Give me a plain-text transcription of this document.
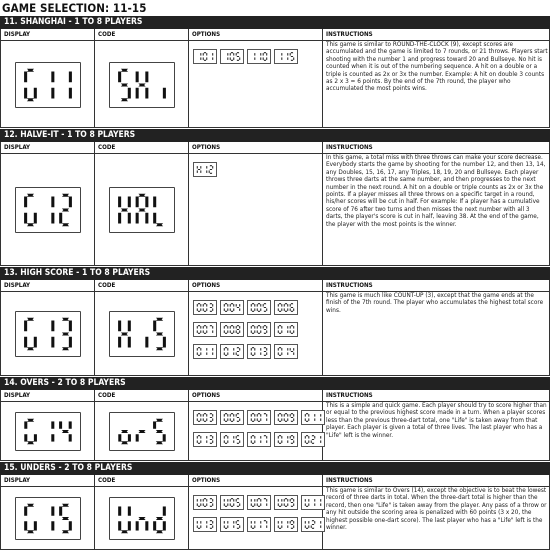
GAME SELECTION: 11-15
11. SHANGHAI - 1 TO 8 PLAYERS
DISPLAY	CODE	OPTIONS	INSTRUCTIONS
This game is similar to ROUND-THE-CLOCK (9), except scores are accumulated and the game is limited to 7 rounds, or 21 throws. Players start shooting with the number 1 and progress toward 20 and Bullseye. No hit is counted when it is out of the numbering sequence. A hit on a double or a triple is counted as 2x or 3x the number. Example: A hit on double 3 counts as 2 x 3 = 6 points. By the end of the 7th round, the player who accumulated the most points wins.
12. HALVE-IT - 1 TO 8 PLAYERS
DISPLAY	CODE	OPTIONS	INSTRUCTIONS
In this game, a total miss with three throws can make your score decrease. Everybody starts the game by shooting for the number 12, and then 13, 14, any Doubles, 15, 16, 17, any Triples, 18, 19, 20 and Bullseye. Each player throws three darts at the same number, and then progresses to the next number in the next round. A hit on a double or triple counts as 2x or 3x the points. If a player misses all three throws on a specific target in a round, his/her scores will be cut in half. For example: If a player has a cumulative score of 76 after two turns and then misses the next number with all 3 darts, the player's score is cut in half, leaving 38. At the end of the game, the player with the most points is the winner.
13. HIGH SCORE - 1 TO 8 PLAYERS
DISPLAY	CODE	OPTIONS	INSTRUCTIONS
This game is much like COUNT-UP (3), except that the game ends at the finish of the 7th round. The player who accumulates the highest total score wins.
14. OVERS - 2 TO 8 PLAYERS
DISPLAY	CODE	OPTIONS	INSTRUCTIONS
This is a simple and quick game. Each player should try to score higher than or equal to the previous highest score made in a turn. When a player scores less than the previous three-dart total, one "Life" is taken away from that player. Each player is given a total of three lives. The last player who has a "Life" left is the winner.
15. UNDERS - 2 TO 8 PLAYERS
DISPLAY	CODE	OPTIONS	INSTRUCTIONS
This game is similar to Overs (14), except the objective is to beat the lowest record of three darts in total. When the three-dart total is higher than the record, then one "Life" is taken away from the player. Any pass of a throw or any hit outside the scoring area is penalized with 60 points (3 x 20, the highest possible one-dart score). The last player who has a "Life" left is the winner.
